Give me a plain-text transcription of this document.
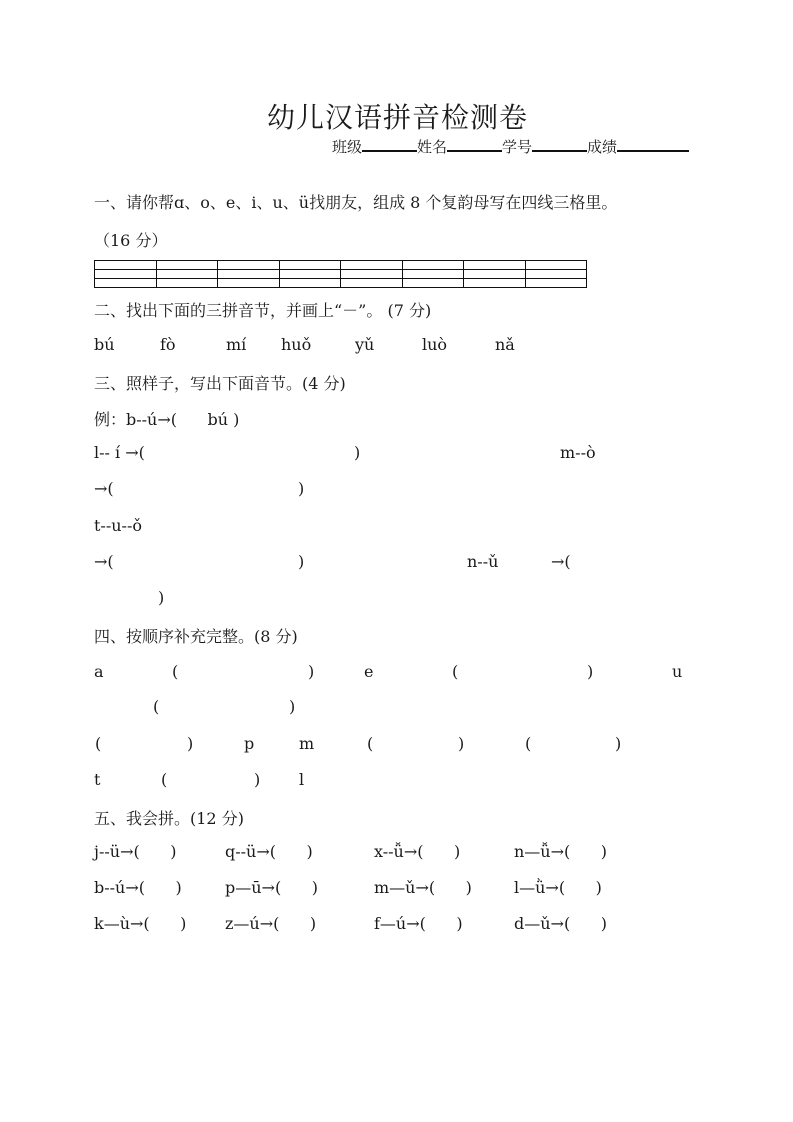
幼儿汉语拼音检测卷
班级	姓名	学号	成绩
一、请你帮ɑ、o、e、i、u、ü找朋友，组成 8 个复韵母写在四线三格里。
（16 分）

二、找出下面的三拼音节，并画上“－”。 (7 分)
bú	fò	mí huǒ	yǔ	luò	nǎ
三、照样子，写出下面音节。(4 分)
例：b--ú→(      bú )
l-- í →(	)	m--ò
→(	)
t--u--ǒ
→(	)	n--ǔ	→(
)
四、按顺序补充完整。(8 分)
a	(	)	e	(	)	u
(	)
(	)	p	m	(	)	(	)
t	(	) l
五、我会拼。(12 分)
j--ü→(      )	q--ü→(      )	x--ǚ→(      )	n—ǚ→(      )
b--ú→(      )	p—ū→(      )	m—ǔ→(      )	l—ǜ→(      )
k—ù→(      ) z—ú→(      )	f—ú→(      )	d—ǔ→(      )
